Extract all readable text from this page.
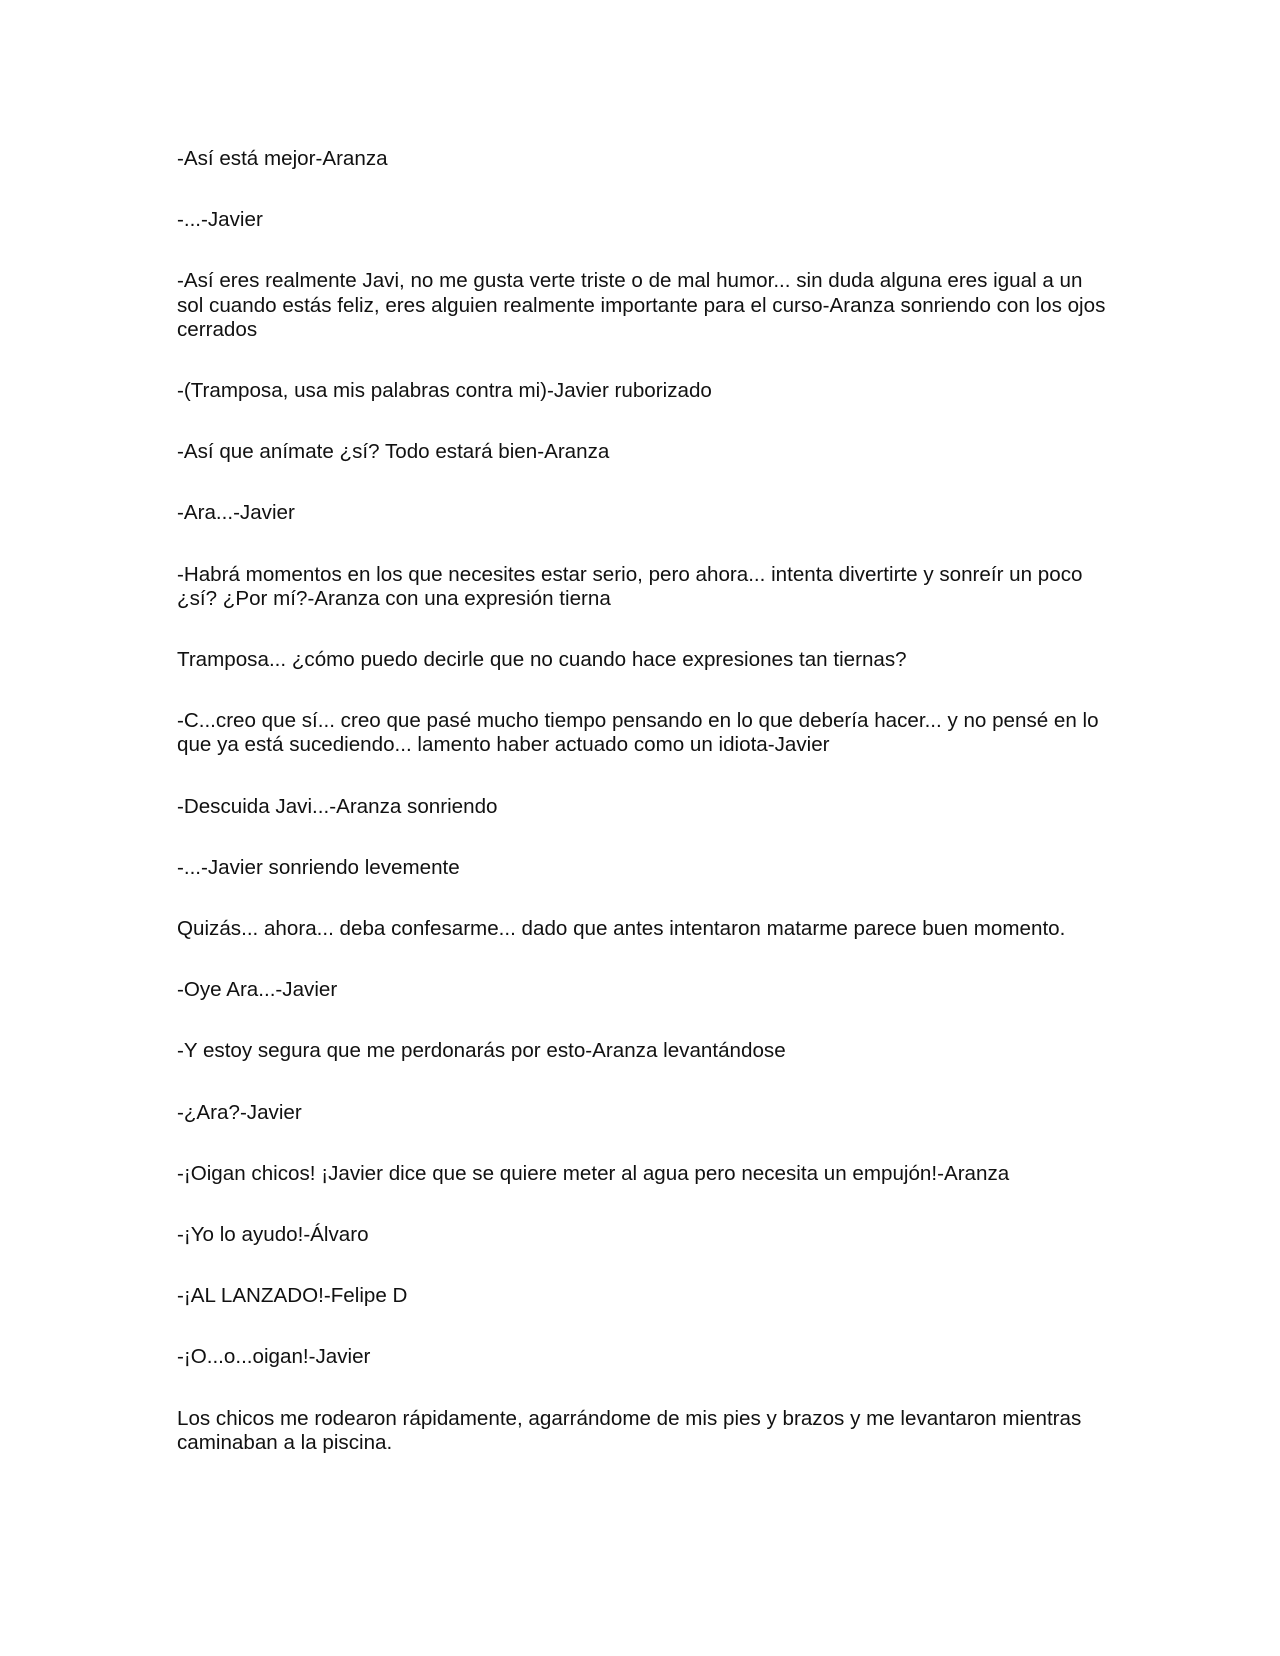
-Así está mejor-Aranza

-...-Javier

-Así eres realmente Javi, no me gusta verte triste o de mal humor... sin duda alguna eres igual a un sol cuando estás feliz, eres alguien realmente importante para el curso-Aranza sonriendo con los ojos cerrados

-(Tramposa, usa mis palabras contra mi)-Javier ruborizado

-Así que anímate ¿sí? Todo estará bien-Aranza

-Ara...-Javier

-Habrá momentos en los que necesites estar serio, pero ahora... intenta divertirte y sonreír un poco ¿sí? ¿Por mí?-Aranza con una expresión tierna

Tramposa... ¿cómo puedo decirle que no cuando hace expresiones tan tiernas?

-C...creo que sí... creo que pasé mucho tiempo pensando en lo que debería hacer... y no pensé en lo que ya está sucediendo... lamento haber actuado como un idiota-Javier

-Descuida Javi...-Aranza sonriendo

-...-Javier sonriendo levemente

Quizás... ahora... deba confesarme... dado que antes intentaron matarme parece buen momento.

-Oye Ara...-Javier

-Y estoy segura que me perdonarás por esto-Aranza levantándose

-¿Ara?-Javier

-¡Oigan chicos! ¡Javier dice que se quiere meter al agua pero necesita un empujón!-Aranza

-¡Yo lo ayudo!-Álvaro

-¡AL LANZADO!-Felipe D

-¡O...o...oigan!-Javier

Los chicos me rodearon rápidamente, agarrándome de mis pies y brazos y me levantaron mientras caminaban a la piscina.
